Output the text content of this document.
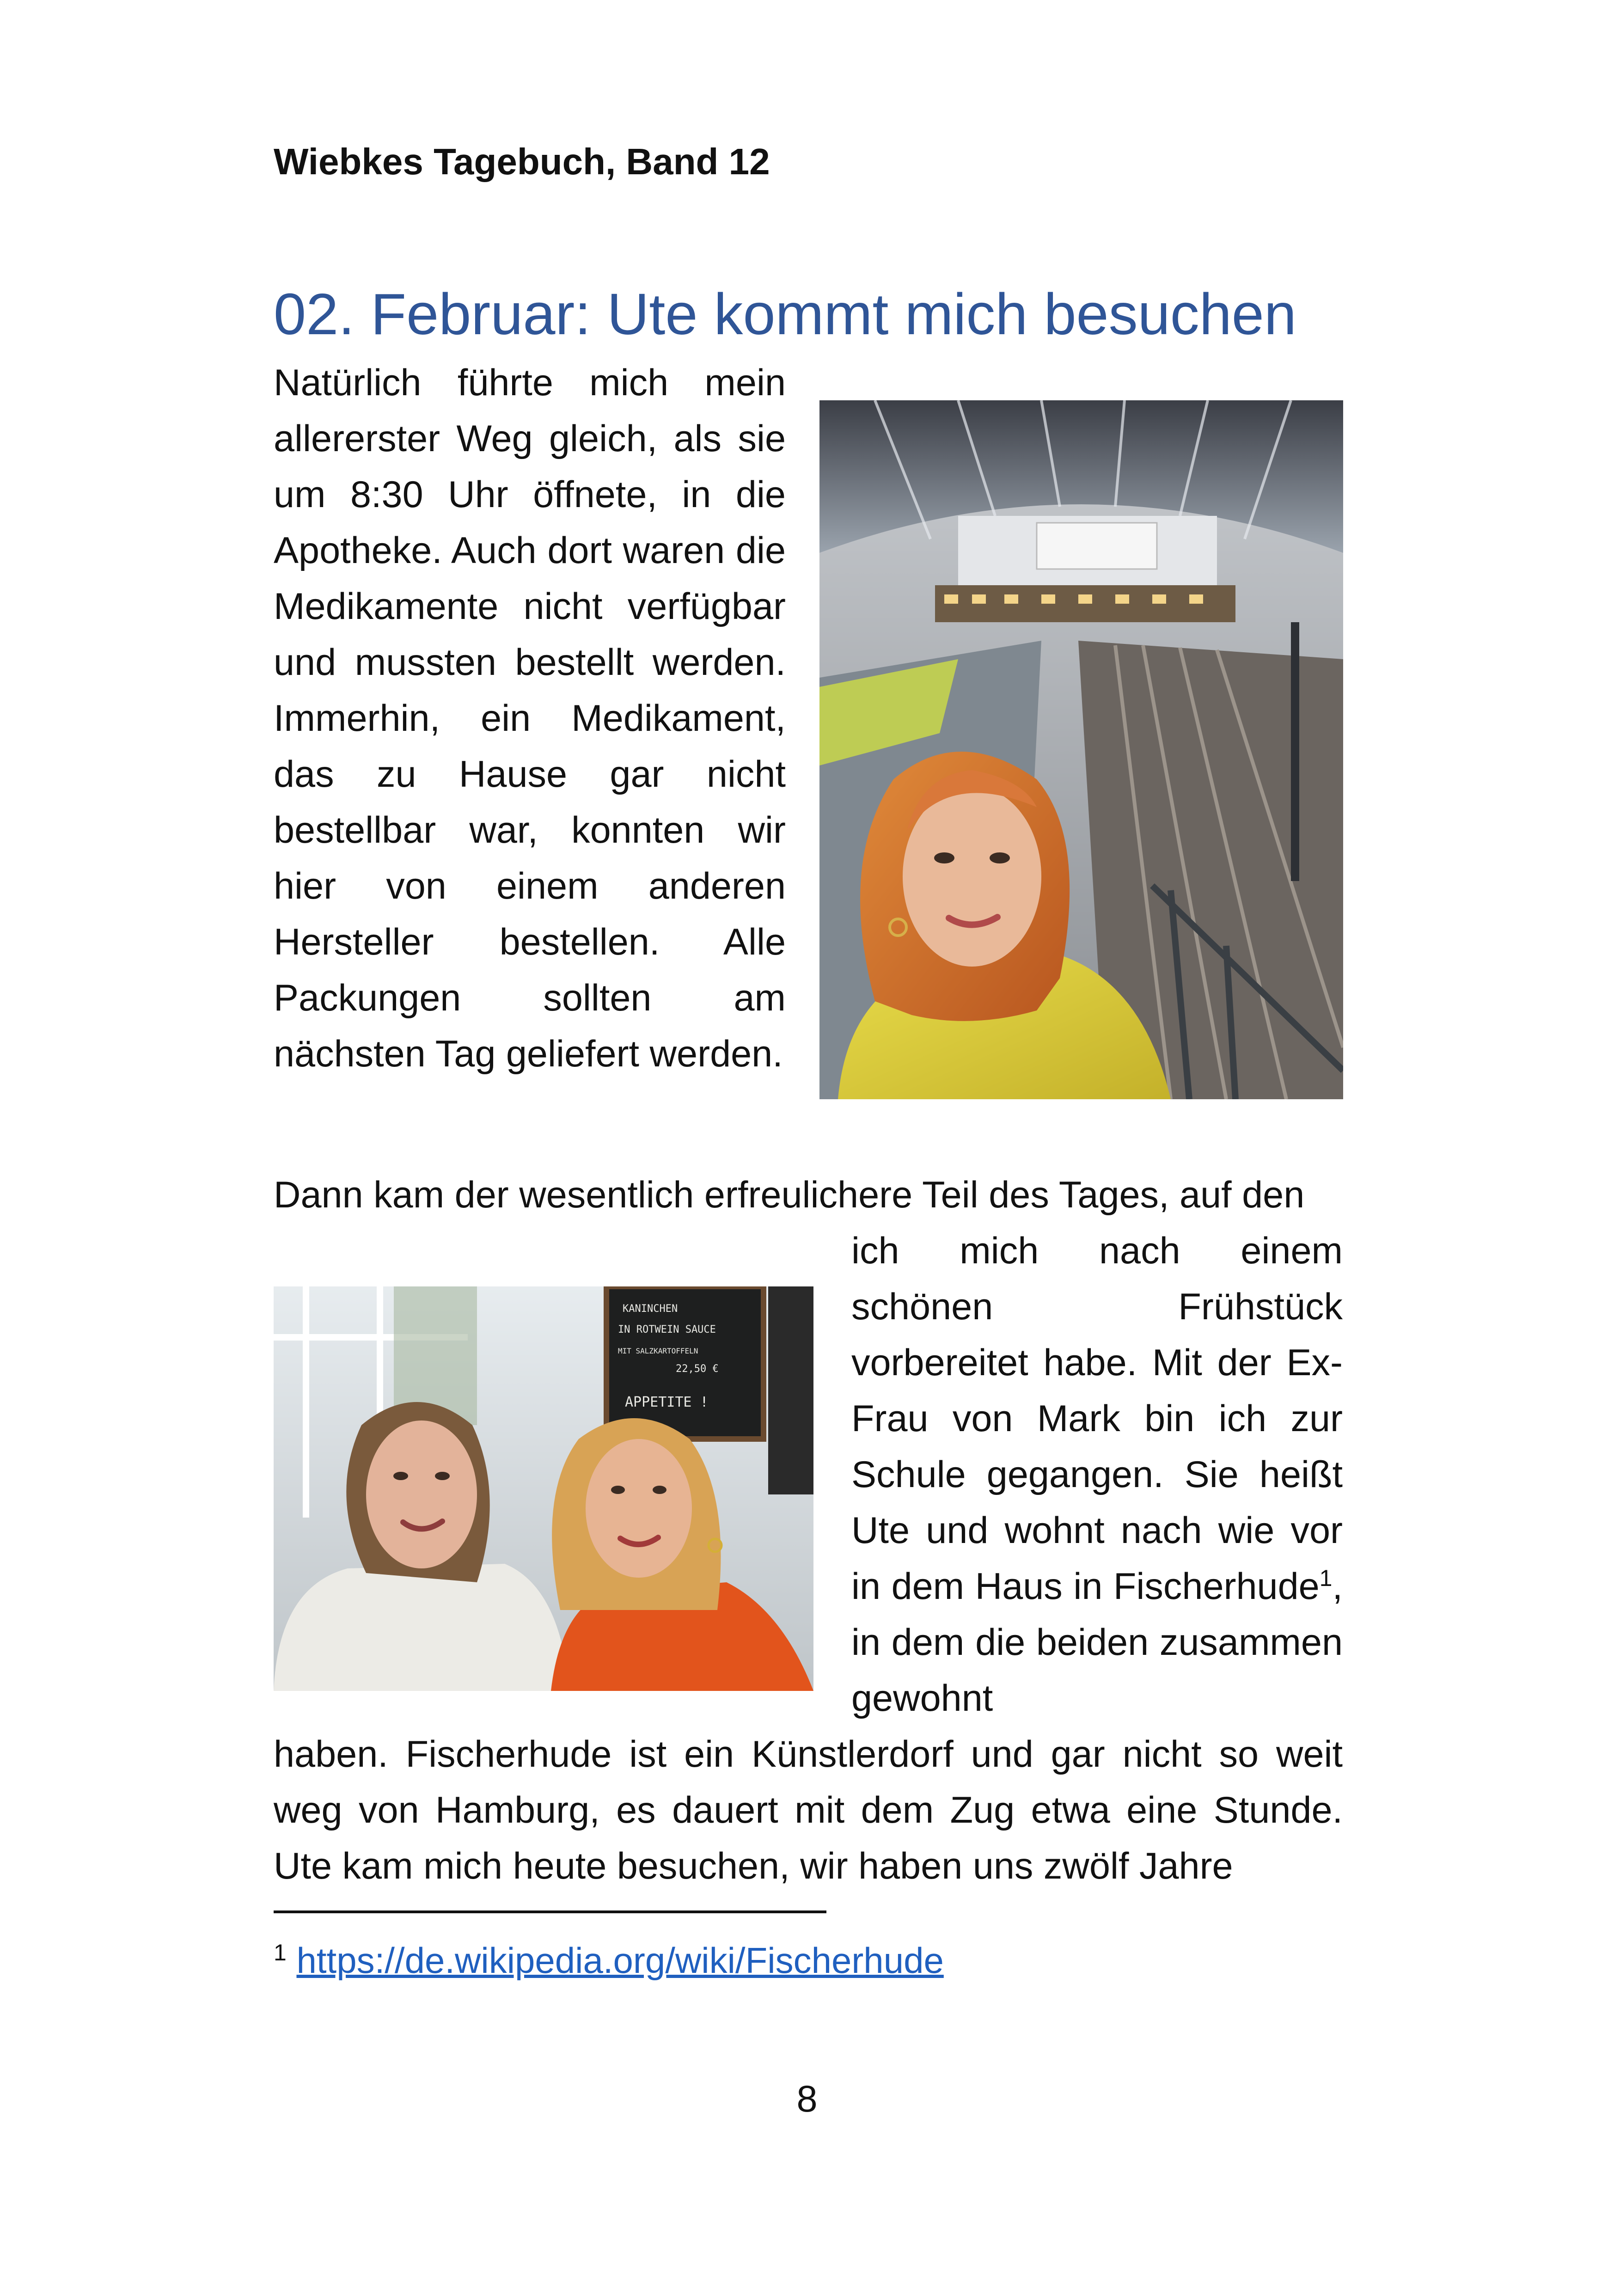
Wiebkes Tagebuch, Band 12
02. Februar: Ute kommt mich besuchen

Natürlich führte mich mein allererster Weg gleich, als sie um 8:30 Uhr öffnete, in die Apotheke. Auch dort waren die Medikamente nicht verfügbar und mussten bestellt werden. Immerhin, ein Medikament, das zu Hause gar nicht bestellbar war, konnten wir hier von einem anderen Hersteller bestellen. Alle Packungen sollten am nächsten Tag geliefert werden.

Dann kam der wesentlich erfreulichere Teil des Tages, auf den
KANINCHEN
IN ROTWEIN SAUCE
MIT SALZKARTOFFELN
22,50 €
APPETITE !

ich mich nach einem schönen Frühstück vorbereitet habe. Mit der Ex- Frau von Mark bin ich zur Schule gegangen. Sie heißt Ute und wohnt nach wie vor in dem Haus in Fischerhude$^1$, in dem die beiden zusammen gewohnt

haben. Fischerhude ist ein Künstlerdorf und gar nicht so weit weg von Hamburg, es dauert mit dem Zug etwa eine Stunde. Ute kam mich heute besuchen, wir haben uns zwölf Jahre

$^1$ https://de.wikipedia.org/wiki/Fischerhude
8
